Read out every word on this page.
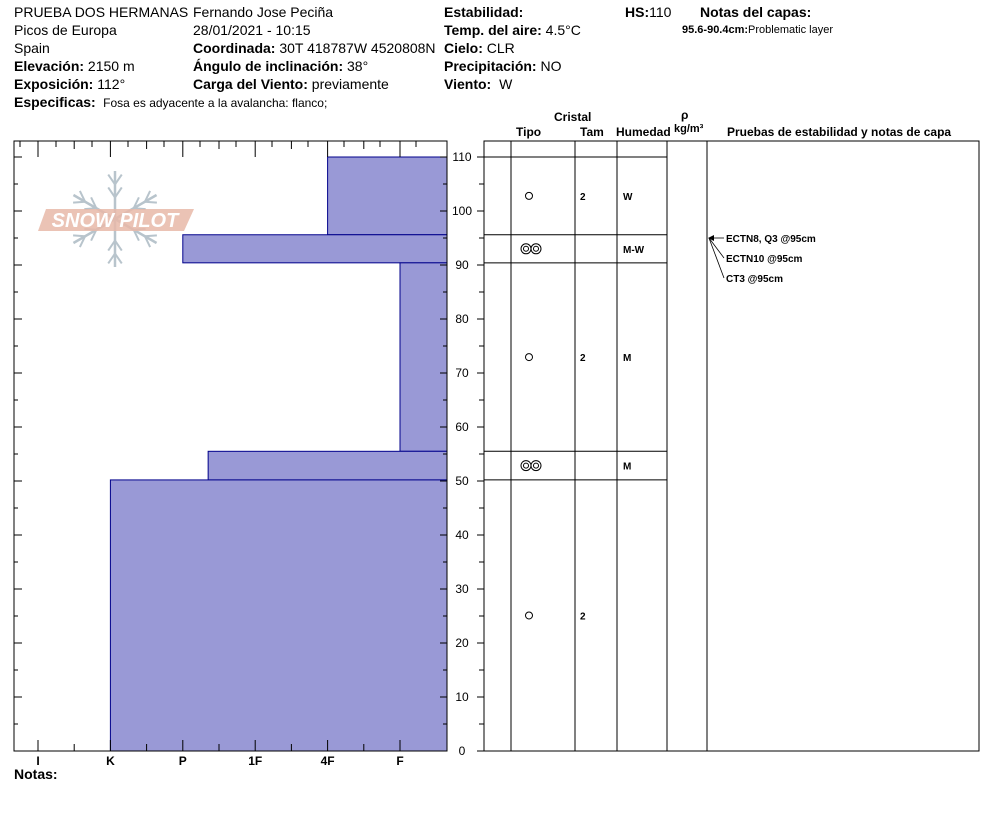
PRUEBA DOS HERMANAS
Picos de Europa
Spain
Elevación: 2150 m
Exposición: 112°
Fernando Jose Peciña
28/01/2021 - 10:15
Coordinada: 30T 418787W 4520808N
Ángulo de inclinación: 38°
Carga del Viento: previamente
Estabilidad:
Temp. del aire: 4.5°C
Cielo: CLR
Precipitación: NO
Viento: W
HS:110 Notas del capas:
95.6-90.4cm:Problematic layer
Especificas: Fosa es adyacente a la avalancha: flanco;
Cristal
Tipo	Tam Humedad
ρ
kg/m³ Pruebas de estabilidad y notas de capa
SNOW PILOT
0
10
20
30
40
50
60
70
80
90
100
110
I	K	P	1F	4F	F
2	W
M-W
2	M
M
2
ECTN8, Q3 @95cm
ECTN10 @95cm
CT3 @95cm
Notas:
